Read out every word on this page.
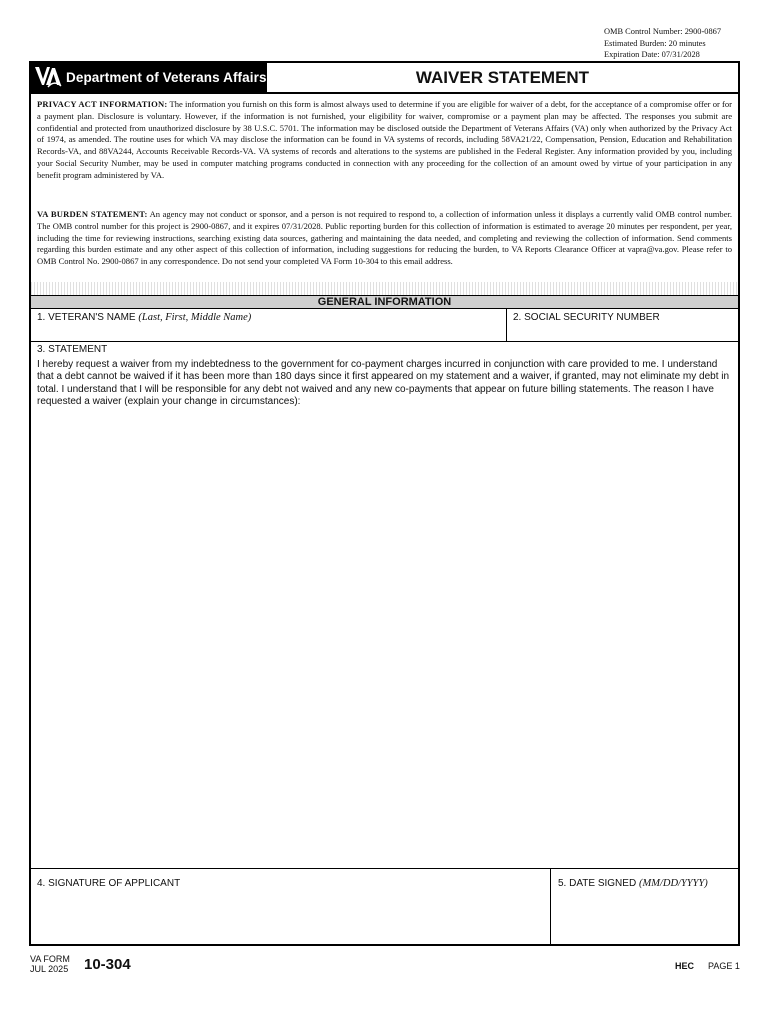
OMB Control Number: 2900-0867
Estimated Burden: 20 minutes
Expiration Date: 07/31/2028
Department of Veterans Affairs	WAIVER STATEMENT
PRIVACY ACT INFORMATION: The information you furnish on this form is almost always used to determine if you are eligible for waiver of a debt, for the acceptance of a compromise offer or for a payment plan. Disclosure is voluntary. However, if the information is not furnished, your eligibility for waiver, compromise or a payment plan may be affected. The responses you submit are confidential and protected from unauthorized disclosure by 38 U.S.C. 5701. The information may be disclosed outside the Department of Veterans Affairs (VA) only when authorized by the Privacy Act of 1974, as amended. The routine uses for which VA may disclose the information can be found in VA systems of records, including 58VA21/22, Compensation, Pension, Education and Rehabilitation Records-VA, and 88VA244, Accounts Receivable Records-VA. VA systems of records and alterations to the systems are published in the Federal Register. Any information provided by you, including your Social Security Number, may be used in computer matching programs conducted in connection with any proceeding for the collection of an amount owed by virtue of your participation in any benefit program administered by VA.
VA BURDEN STATEMENT: An agency may not conduct or sponsor, and a person is not required to respond to, a collection of information unless it displays a currently valid OMB control number. The OMB control number for this project is 2900-0867, and it expires 07/31/2028. Public reporting burden for this collection of information is estimated to average 20 minutes per respondent, per year, including the time for reviewing instructions, searching existing data sources, gathering and maintaining the data needed, and completing and reviewing the collection of information. Send comments regarding this burden estimate and any other aspect of this collection of information, including suggestions for reducing the burden, to VA Reports Clearance Officer at vapra@va.gov. Please refer to OMB Control No. 2900-0867 in any correspondence. Do not send your completed VA Form 10-304 to this email address.
GENERAL INFORMATION
1. VETERAN'S NAME (Last, First, Middle Name)	2. SOCIAL SECURITY NUMBER
3. STATEMENT
I hereby request a waiver from my indebtedness to the government for co-payment charges incurred in conjunction with care provided to me. I understand that a debt cannot be waived if it has been more than 180 days since it first appeared on my statement and a waiver, if granted, may not eliminate my debt in total. I understand that I will be responsible for any debt not waived and any new co-payments that appear on future billing statements. The reason I have requested a waiver (explain your change in circumstances):
4. SIGNATURE OF APPLICANT	5. DATE SIGNED (MM/DD/YYYY)
VA FORM
JUL 2025 10-304	HEC PAGE 1
